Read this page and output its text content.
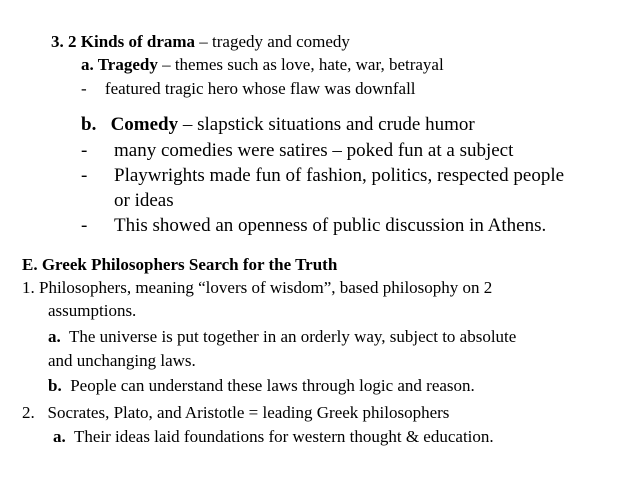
3. 2 Kinds of drama – tragedy and comedy
a. Tragedy – themes such as love, hate, war, betrayal
- featured tragic hero whose flaw was downfall
b.   Comedy – slapstick situations and crude humor
- many comedies were satires – poked fun at a subject
- Playwrights made fun of fashion, politics, respected people
or ideas
- This showed an openness of public discussion in Athens.
E. Greek Philosophers Search for the Truth
1. Philosophers, meaning “lovers of wisdom”, based philosophy on 2
assumptions.
a.  The universe is put together in an orderly way, subject to absolute
and unchanging laws.
b.  People can understand these laws through logic and reason.
2.   Socrates, Plato, and Aristotle = leading Greek philosophers
a.  Their ideas laid foundations for western thought & education.
